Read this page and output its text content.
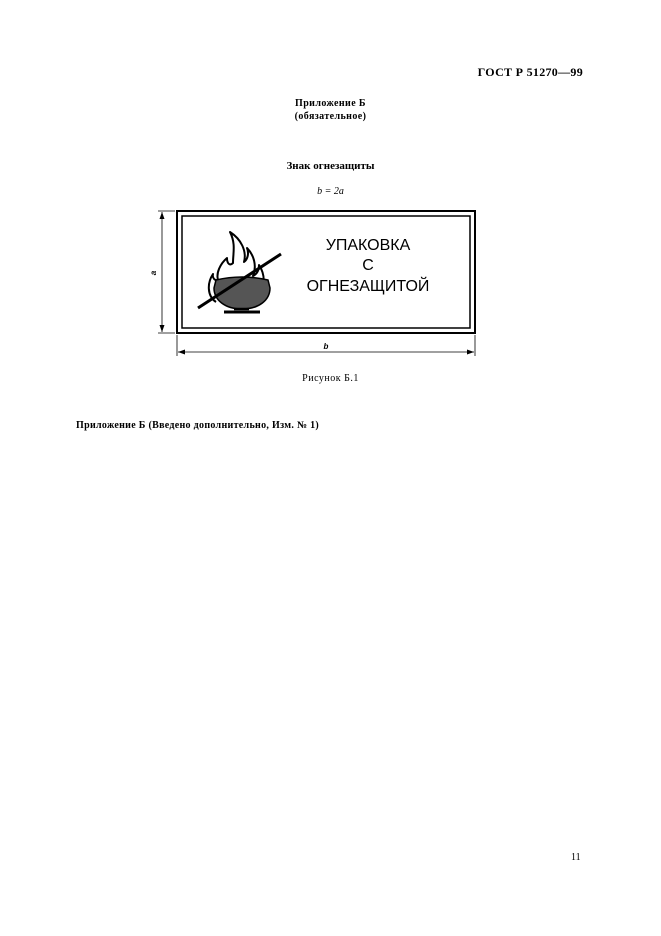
ГОСТ Р 51270—99
Приложение Б
(обязательное)
Знак огнезащиты
b = 2a
a
b
УПАКОВКА
С
ОГНЕЗАЩИТОЙ
Рисунок Б.1
Приложение Б (Введено дополнительно, Изм. № 1)
11
